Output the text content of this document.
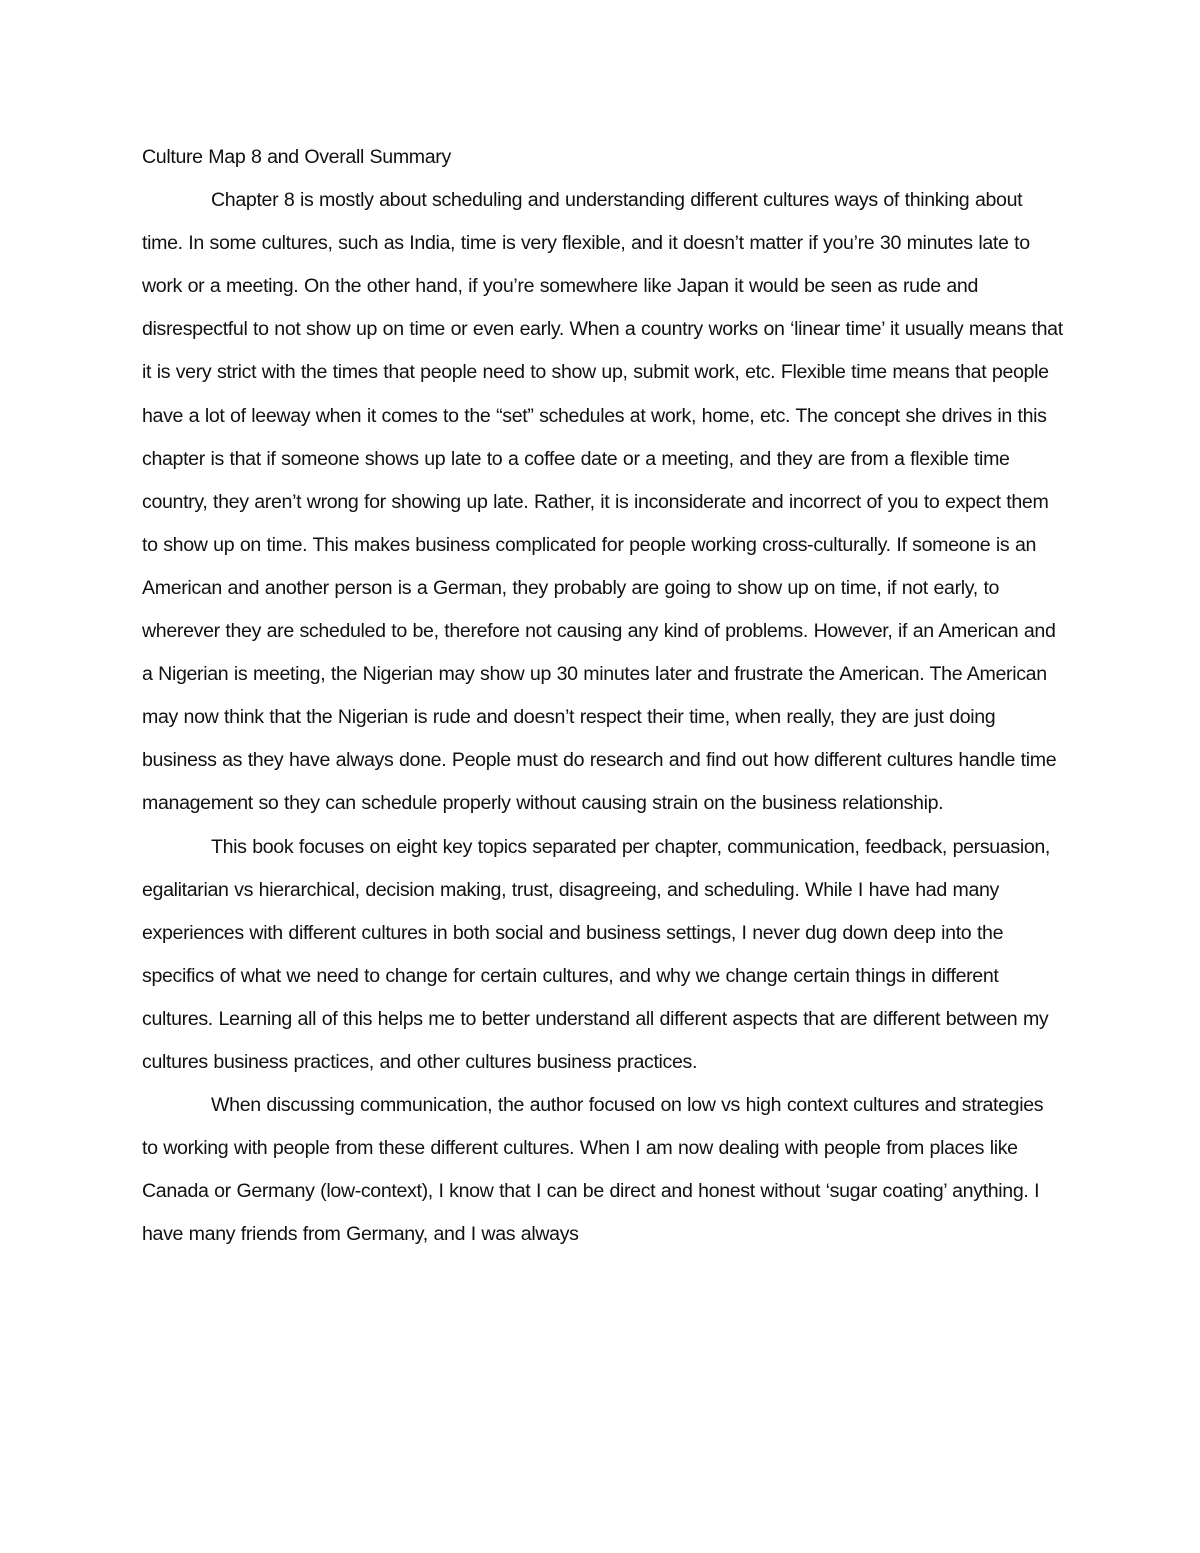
Culture Map 8 and Overall Summary

Chapter 8 is mostly about scheduling and understanding different cultures ways of thinking about time. In some cultures, such as India, time is very flexible, and it doesn’t matter if you’re 30 minutes late to work or a meeting. On the other hand, if you’re somewhere like Japan it would be seen as rude and disrespectful to not show up on time or even early. When a country works on ‘linear time’ it usually means that it is very strict with the times that people need to show up, submit work, etc. Flexible time means that people have a lot of leeway when it comes to the “set” schedules at work, home, etc. The concept she drives in this chapter is that if someone shows up late to a coffee date or a meeting, and they are from a flexible time country, they aren’t wrong for showing up late. Rather, it is inconsiderate and incorrect of you to expect them to show up on time. This makes business complicated for people working cross-culturally. If someone is an American and another person is a German, they probably are going to show up on time, if not early, to wherever they are scheduled to be, therefore not causing any kind of problems. However, if an American and a Nigerian is meeting, the Nigerian may show up 30 minutes later and frustrate the American. The American may now think that the Nigerian is rude and doesn’t respect their time, when really, they are just doing business as they have always done. People must do research and find out how different cultures handle time management so they can schedule properly without causing strain on the business relationship.

This book focuses on eight key topics separated per chapter, communication, feedback, persuasion, egalitarian vs hierarchical, decision making, trust, disagreeing, and scheduling. While I have had many experiences with different cultures in both social and business settings, I never dug down deep into the specifics of what we need to change for certain cultures, and why we change certain things in different cultures. Learning all of this helps me to better understand all different aspects that are different between my cultures business practices, and other cultures business practices.

When discussing communication, the author focused on low vs high context cultures and strategies to working with people from these different cultures. When I am now dealing with people from places like Canada or Germany (low-context), I know that I can be direct and honest without ‘sugar coating’ anything. I have many friends from Germany, and I was always
